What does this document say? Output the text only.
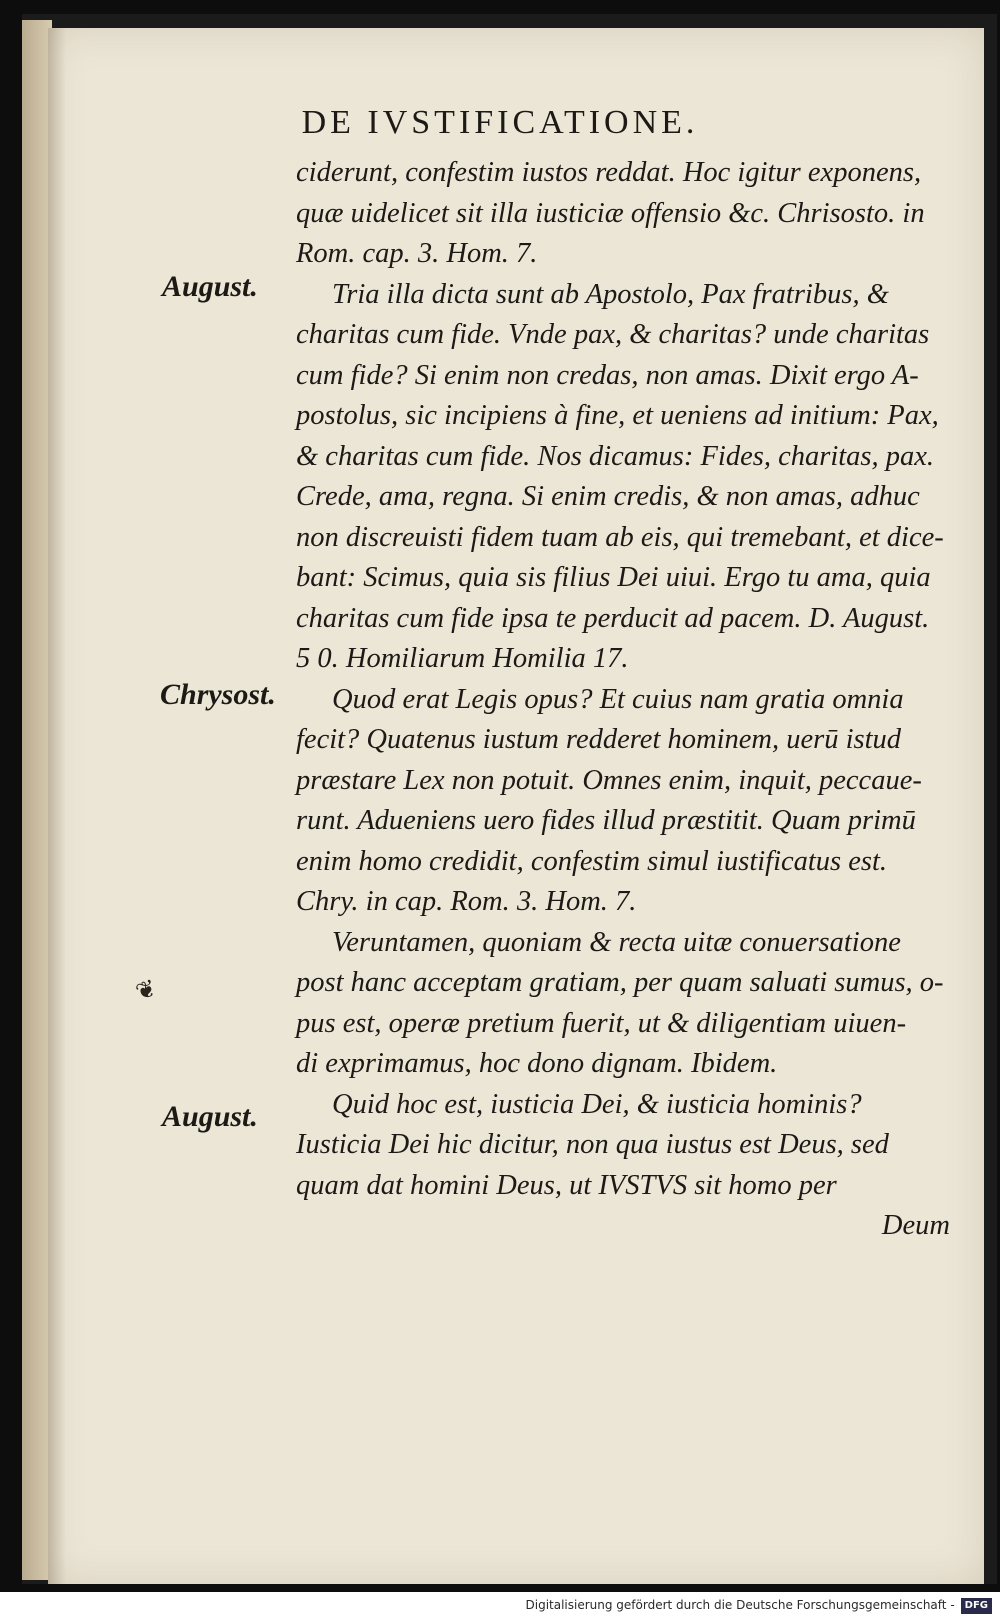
DE IVSTIFICATIONE.
August.
Chrysost.
August.
❦
ciderunt, confestim iustos reddat. Hoc igitur exponens,
quæ uidelicet sit illa iusticiæ offensio &c. Chrisosto. in
Rom. cap. 3. Hom. 7.
Tria illa dicta sunt ab Apostolo, Pax fratribus, &
charitas cum fide. Vnde pax, & charitas? unde charitas
cum fide? Si enim non credas, non amas. Dixit ergo A-
postolus, sic incipiens à fine, et ueniens ad initium: Pax,
& charitas cum fide. Nos dicamus: Fides, charitas, pax.
Crede, ama, regna. Si enim credis, & non amas, adhuc
non discreuisti fidem tuam ab eis, qui tremebant, et dice-
bant: Scimus, quia sis filius Dei uiui. Ergo tu ama, quia
charitas cum fide ipsa te perducit ad pacem. D. August.
5 0. Homiliarum Homilia 17.
Quod erat Legis opus? Et cuius nam gratia omnia
fecit? Quatenus iustum redderet hominem, uerū istud
præstare Lex non potuit. Omnes enim, inquit, peccaue-
runt. Adueniens uero fides illud præstitit. Quam primū
enim homo credidit, confestim simul iustificatus est.
Chry. in cap. Rom. 3. Hom. 7.
Veruntamen, quoniam & recta uitæ conuersatione
post hanc acceptam gratiam, per quam saluati sumus, o-
pus est, operæ pretium fuerit, ut & diligentiam uiuen-
di exprimamus, hoc dono dignam. Ibidem.
Quid hoc est, iusticia Dei, & iusticia hominis?
Iusticia Dei hic dicitur, non qua iustus est Deus, sed
quam dat homini Deus, ut IVSTVS sit homo per
Deum
Digitalisierung gefördert durch die Deutsche Forschungsgemeinschaft - DFG
